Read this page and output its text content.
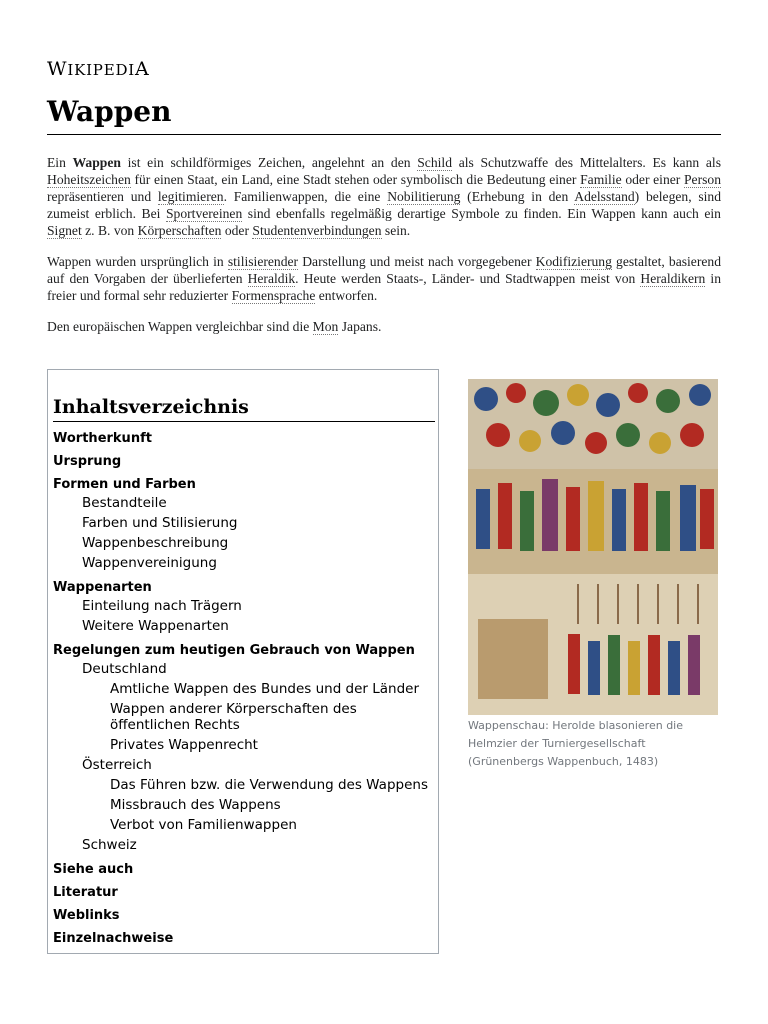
WIKIPEDIA
Wappen

Ein Wappen ist ein schildförmiges Zeichen, angelehnt an den Schild als Schutzwaffe des Mittelalters. Es kann als Hoheitszeichen für einen Staat, ein Land, eine Stadt stehen oder symbolisch die Bedeutung einer Familie oder einer Person repräsentieren und legitimieren. Familienwappen, die eine Nobilitierung (Erhebung in den Adelsstand) belegen, sind zumeist erblich. Bei Sportvereinen sind ebenfalls regelmäßig derartige Symbole zu finden. Ein Wappen kann auch ein Signet z. B. von Körperschaften oder Studentenverbindungen sein.

Wappen wurden ursprünglich in stilisierender Darstellung und meist nach vorgegebener Kodifizierung gestaltet, basierend auf den Vorgaben der überlieferten Heraldik. Heute werden Staats-, Länder- und Stadtwappen meist von Heraldikern in freier und formal sehr reduzierter Formensprache entworfen.

Den europäischen Wappen vergleichbar sind die Mon Japans.

Inhaltsverzeichnis
Wortherkunft
Ursprung
Formen und Farben
Bestandteile
Farben und Stilisierung
Wappenbeschreibung
Wappenvereinigung
Wappenarten
Einteilung nach Trägern
Weitere Wappenarten
Regelungen zum heutigen Gebrauch von Wappen
Deutschland
Amtliche Wappen des Bundes und der Länder
Wappen anderer Körperschaften des öffentlichen Rechts
Privates Wappenrecht
Österreich
Das Führen bzw. die Verwendung des Wappens
Missbrauch des Wappens
Verbot von Familienwappen
Schweiz
Siehe auch
Literatur
Weblinks
Einzelnachweise
Wappenschau: Herolde blasonieren die Helmzier der Turniergesellschaft (Grünenbergs Wappenbuch, 1483)
